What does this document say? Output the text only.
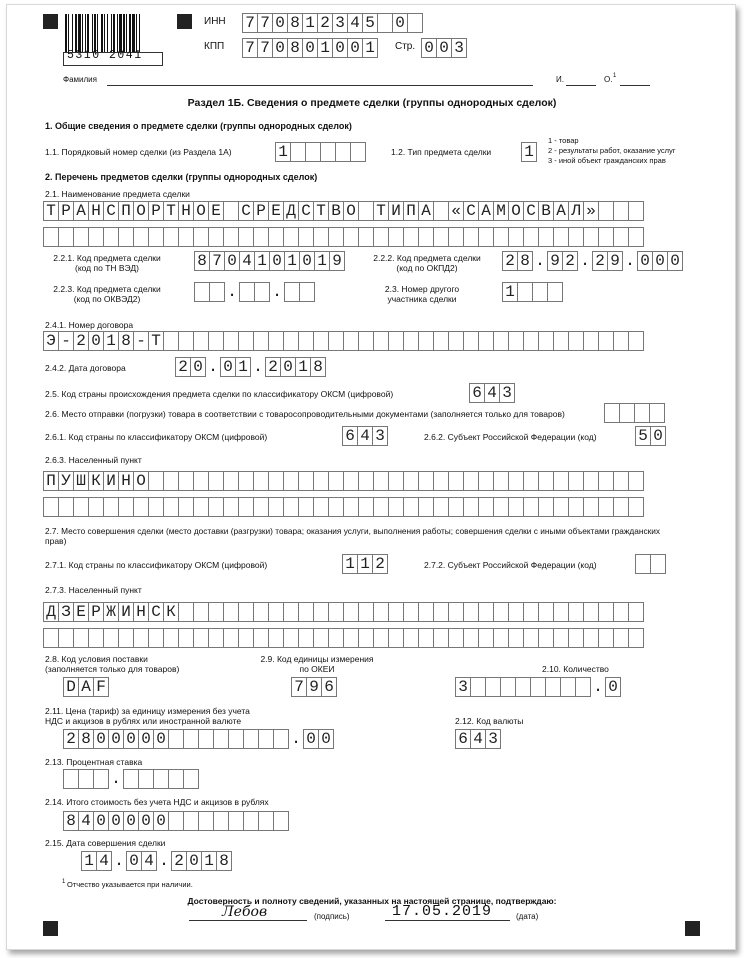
5310 2041
ИНН 7 7 0 8 1 2 3 4 5 0
КПП 7 7 0 8 0 1 0 0 1	Стр. 0 0 3
Фамилия	И.	О. 1
Раздел 1Б. Сведения о предмете сделки (группы однородных сделок)
1. Общие сведения о предмете сделки (группы однородных сделок)
1.1. Порядковый номер сделки (из Раздела 1А)	1	1.2. Тип предмета сделки 1
1 - товар
2 - результаты работ, оказание услуг
3 - иной объект гражданских прав
2. Перечень предметов сделки (группы однородных сделок)
2.1. Наименование предмета сделки
Т Р А Н С П О Р Т Н О Е С Р Е Д С Т В О Т И П А « С А М О С В А Л »
2.2.1. Код предмета сделки
(код по ТН ВЭД)	8 7 0 4 1 0 1 0 1 9	2.2.2. Код предмета сделки
(код по ОКПД2)	2 8 . 9 2 . 2 9 . 0 0 0
2.2.3. Код предмета сделки
(код по ОКВЭД2)	. .	2.3. Номер другого
участника сделки	1
2.4.1. Номер договора
Э - 2 0 1 8 - Т
2.4.2. Дата договора	2 0 . 0 1 . 2 0 1 8
2.5. Код страны происхождения предмета сделки по классификатору ОКСМ (цифровой)	6 4 3
2.6. Место отправки (погрузки) товара в соответствии с товаросопроводительными документами (заполняется только для товаров)
2.6.1. Код страны по классификатору ОКСМ (цифровой)	6 4 3	2.6.2. Субъект Российской Федерации (код)	5 0
2.6.3. Населенный пункт
П У Ш К И Н О
2.7. Место совершения сделки (место доставки (разгрузки) товара; оказания услуги, выполнения работы; совершения сделки с иными объектами гражданских
прав)
2.7.1. Код страны по классификатору ОКСМ (цифровой)	1 1 2	2.7.2. Субъект Российской Федерации (код)
2.7.3. Населенный пункт
Д З Е Р Ж И Н С К
2.8. Код условия поставки
(заполняется только для товаров)
D A F
2.9. Код единицы измерения
по ОКЕИ
7 9 6
2.10. Количество
3	. 0
2.11. Цена (тариф) за единицу измерения без учета
НДС и акцизов в рублях или иностранной валюте
2 8 0 0 0 0 0	. 0 0
2.12. Код валюты
6 4 3
2.13. Процентная ставка
.
2.14. Итого стоимость без учета НДС и акцизов в рублях
8 4 0 0 0 0 0
2.15. Дата совершения сделки
1 4 . 0 4 . 2 0 1 8
1 Отчество указывается при наличии.
Достоверность и полноту сведений, указанных на настоящей странице, подтверждаю:
Лебов	(подпись)	17.05.2019	(дата)
